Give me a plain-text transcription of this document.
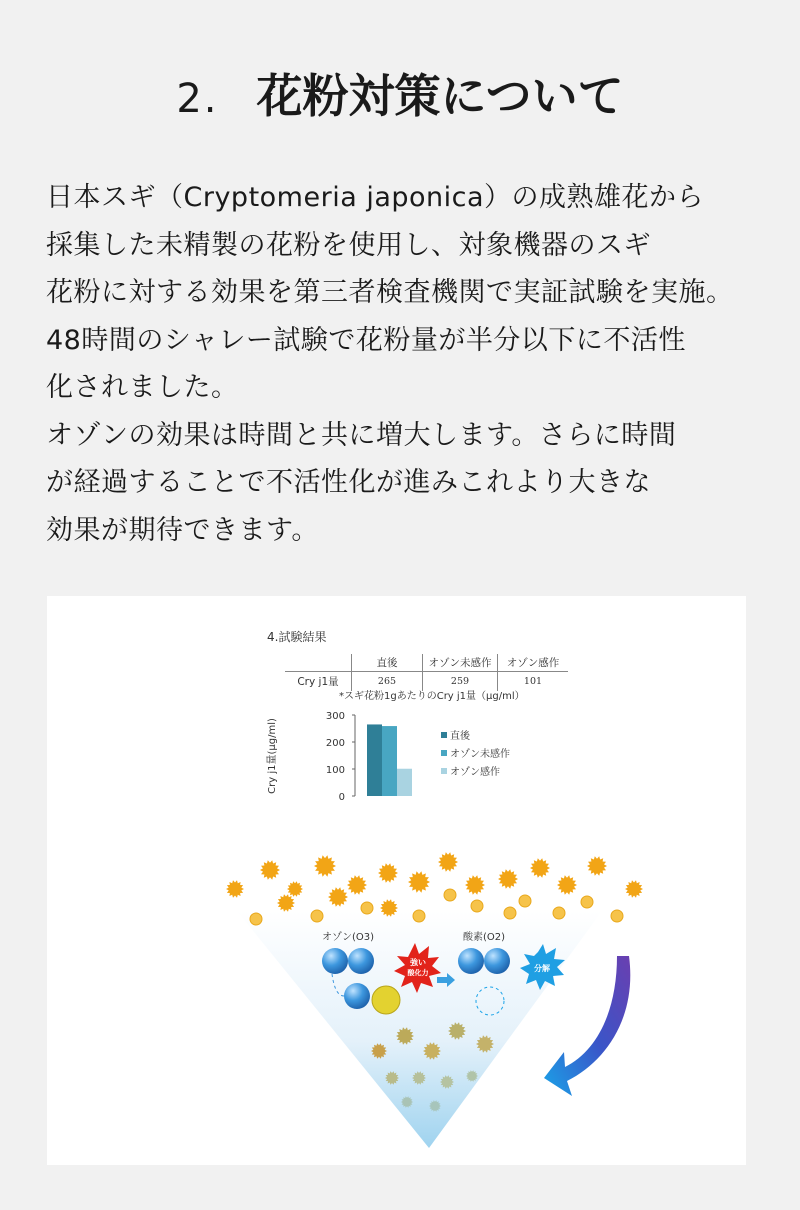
2. 花粉対策について
日本スギ（Cryptomeria japonica）の成熟雄花から
採集した未精製の花粉を使用し、対象機器のスギ
花粉に対する効果を第三者検査機関で実証試験を実施。
48時間のシャレー試験で花粉量が半分以下に不活性
化されました。
オゾンの効果は時間と共に増大します。さらに時間
が経過することで不活性化が進みこれより大きな
効果が期待できます。
4.試験結果
	直後	オゾン未感作	オゾン感作
Cry j1量	265	259	101
*スギ花粉1gあたりのCry j1量（μg/ml）
Cry j1量(μg/ml)
0
100
200
300
直後
オゾン未感作
オゾン感作
強い
酸化力
オゾン(O3)
分解
酸素(O2)
